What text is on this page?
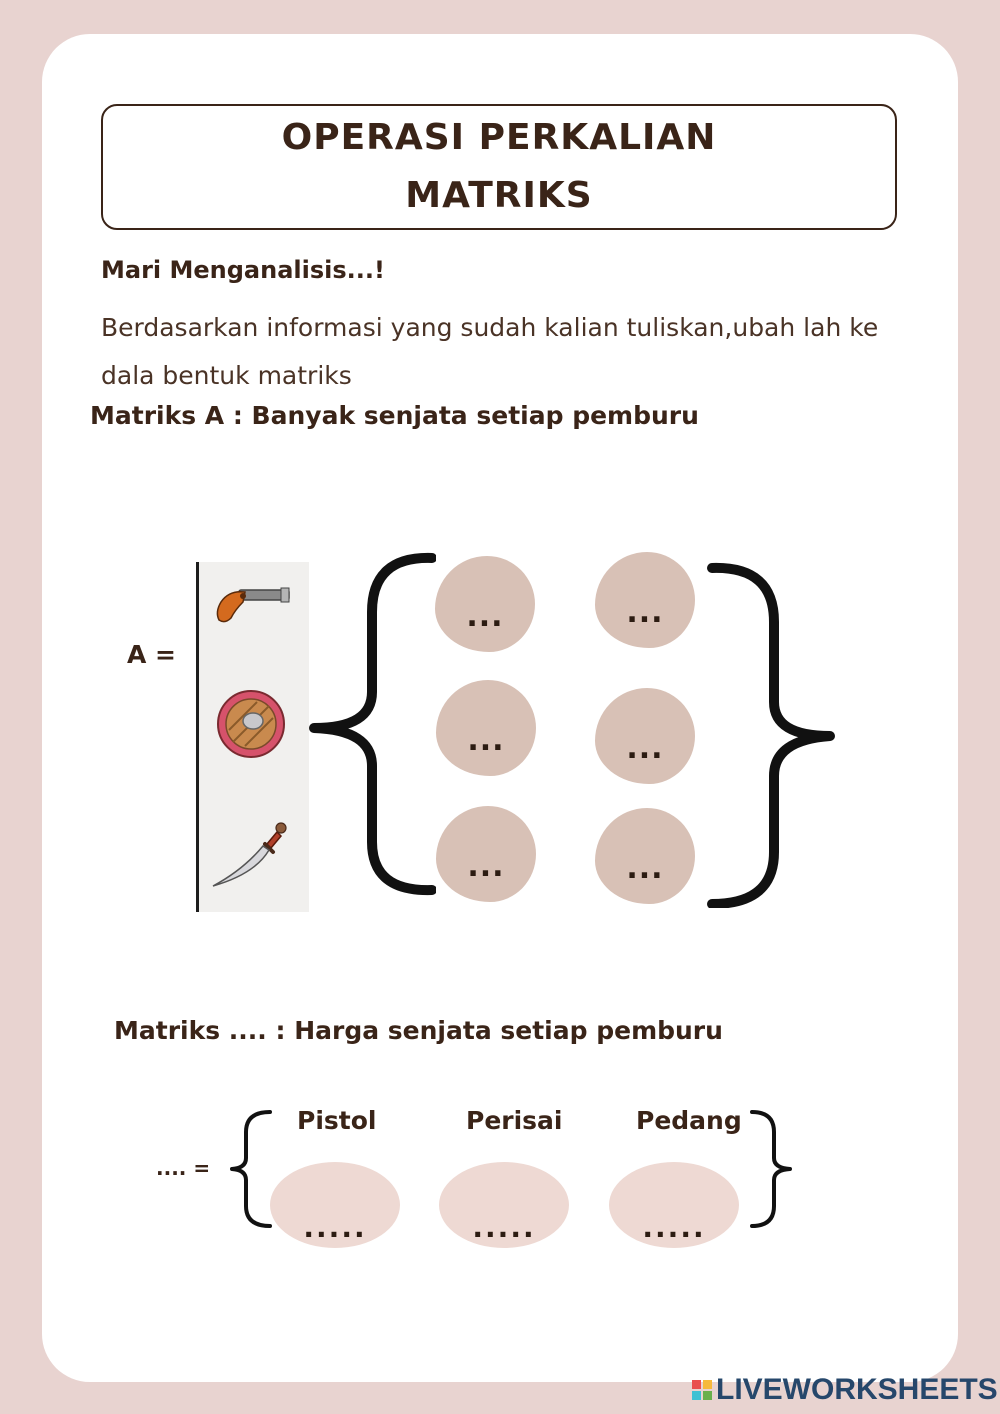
OPERASI PERKALIAN
MATRIKS
Mari Menganalisis...!
Berdasarkan informasi yang sudah kalian tuliskan,ubah lah ke dala bentuk matriks
Matriks A : Banyak senjata setiap pemburu
A =
...	...
...	...
...	...
Matriks .... : Harga senjata setiap pemburu
.... =
Pistol	Perisai	Pedang
.....	.....	.....
LIVEWORKSHEETS
